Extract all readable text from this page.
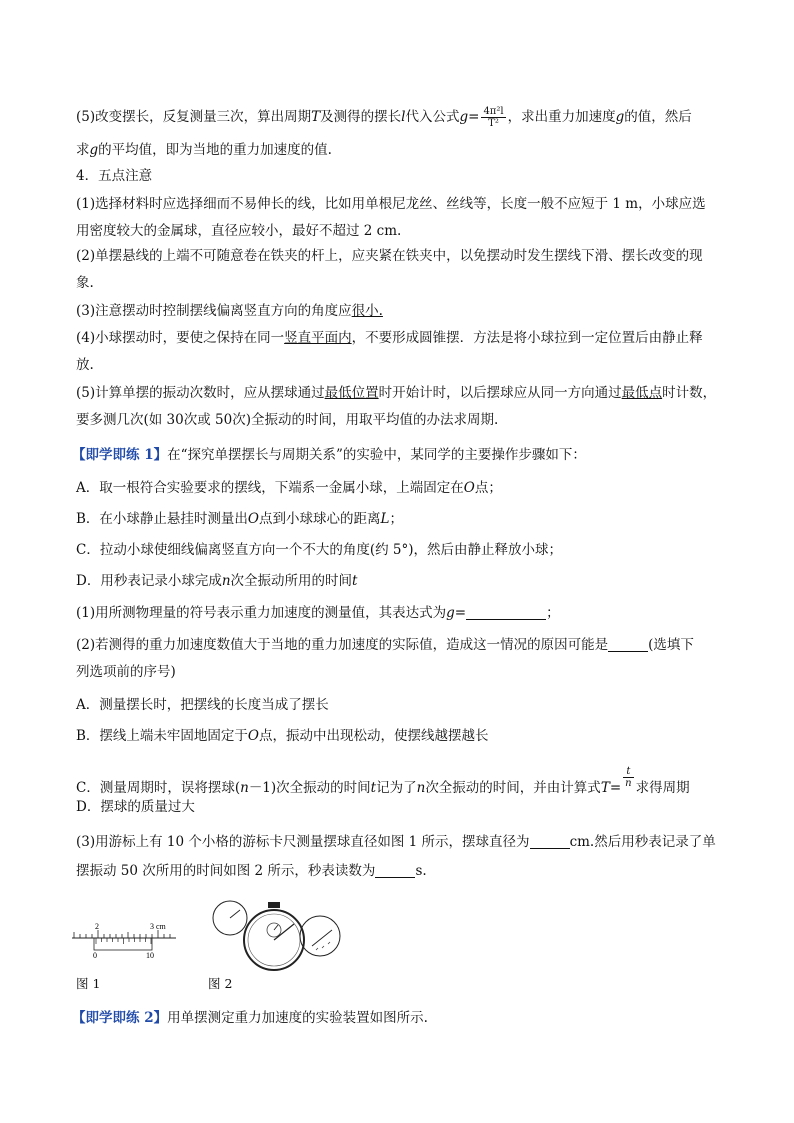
(5)改变摆长，反复测量三次，算出周期T及测得的摆长l代入公式$g= \frac{\text{4π²l}}{\text{T²}}$ ，求出重力加速度g的值，然后
求g的平均值，即为当地的重力加速度的值.
4．五点注意
(1)选择材料时应选择细而不易伸长的线，比如用单根尼龙丝、丝线等，长度一般不应短于 1 m，小球应选
用密度较大的金属球，直径应较小，最好不超过 2 cm.
(2)单摆悬线的上端不可随意卷在铁夹的杆上，应夹紧在铁夹中，以免摆动时发生摆线下滑、摆长改变的现
象.
(3)注意摆动时控制摆线偏离竖直方向的角度应很小.
(4)小球摆动时，要使之保持在同一竖直平面内，不要形成圆锥摆．方法是将小球拉到一定位置后由静止释
放.
(5)计算单摆的振动次数时，应从摆球通过最低位置时开始计时，以后摆球应从同一方向通过最低点时计数，
要多测几次(如 30次或 50次)全振动的时间，用取平均值的办法求周期.
【即学即练 1】在“探究单摆摆长与周期关系”的实验中，某同学的主要操作步骤如下：
A．取一根符合实验要求的摆线，下端系一金属小球，上端固定在O点；
B．在小球静止悬挂时测量出O点到小球球心的距离L；
C．拉动小球使细线偏离竖直方向一个不大的角度(约 5°)，然后由静止释放小球；
D．用秒表记录小球完成n次全振动所用的时间t
(1)用所测物理量的符号表示重力加速度的测量值，其表达式为g=	；
(2)若测得的重力加速度数值大于当地的重力加速度的实际值，造成这一情况的原因可能是	(选填下
列选项前的序号)
A．测量摆长时，把摆线的长度当成了摆长
B．摆线上端未牢固地固定于O点，振动中出现松动，使摆线越摆越长
C．测量周期时，误将摆球(n－1)次全振动的时间t记为了n次全振动的时间，并由计算式$T= \frac{t}{n}$ 求得周期
D．摆球的质量过大
(3)用游标上有 10 个小格的游标卡尺测量摆球直径如图 1 所示，摆球直径为	cm.然后用秒表记录了单
摆振动 50 次所用的时间如图 2 所示，秒表读数为	s.
2	3 cm
0	10
图 1	图 2
【即学即练 2】用单摆测定重力加速度的实验装置如图所示.
